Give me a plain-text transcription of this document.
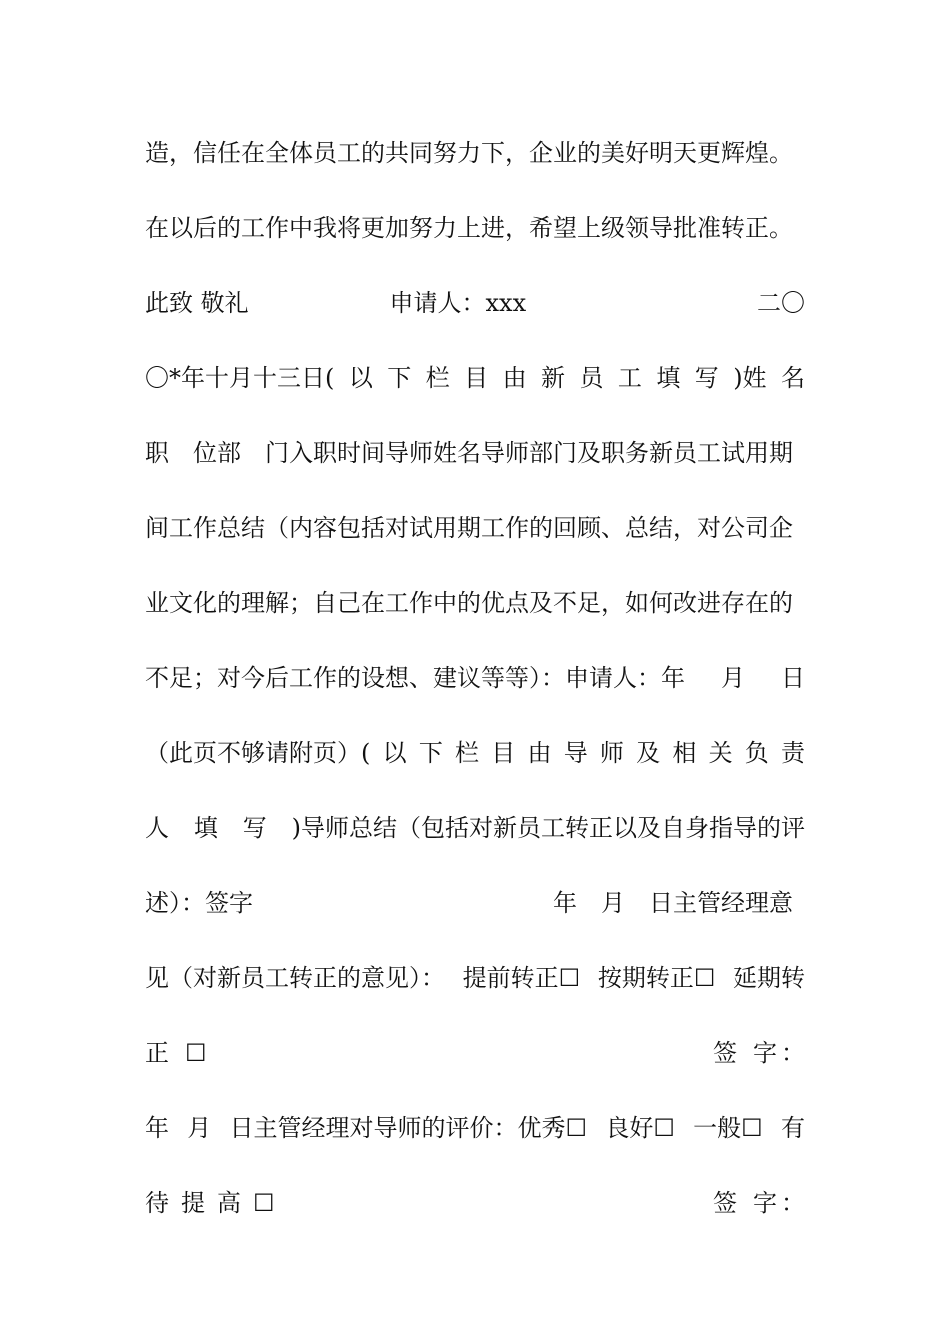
造，信任在全体员工的共同努力下，企业的美好明天更辉煌。
在以后的工作中我将更加努力上进，希望上级领导批准转正。
此致 敬礼	申请人：xxx	二〇
〇*年十月十三日( 以 下 栏 目 由 新 员 工 填 写 )姓 名
职 位部 门入职时间导师姓名导师部门及职务新员工试用期
间工作总结（内容包括对试用期工作的回顾、总结，对公司企
业文化的理解；自己在工作中的优点及不足，如何改进存在的
不足；对今后工作的设想、建议等等）：申请人：年 月 日
（此页不够请附页）( 以 下 栏 目 由 导 师 及 相 关 负 责
人 填 写 )导师总结（包括对新员工转正以及自身指导的评
述）：签字	年 月 日主管经理意
见（对新员工转正的意见）： 提前转正☐ 按期转正☐ 延期转
正 ☐	签 字 ：
年 月 日主管经理对导师的评价：优秀☐ 良好☐ 一般☐ 有
待 提 高 ☐	签 字 ：
